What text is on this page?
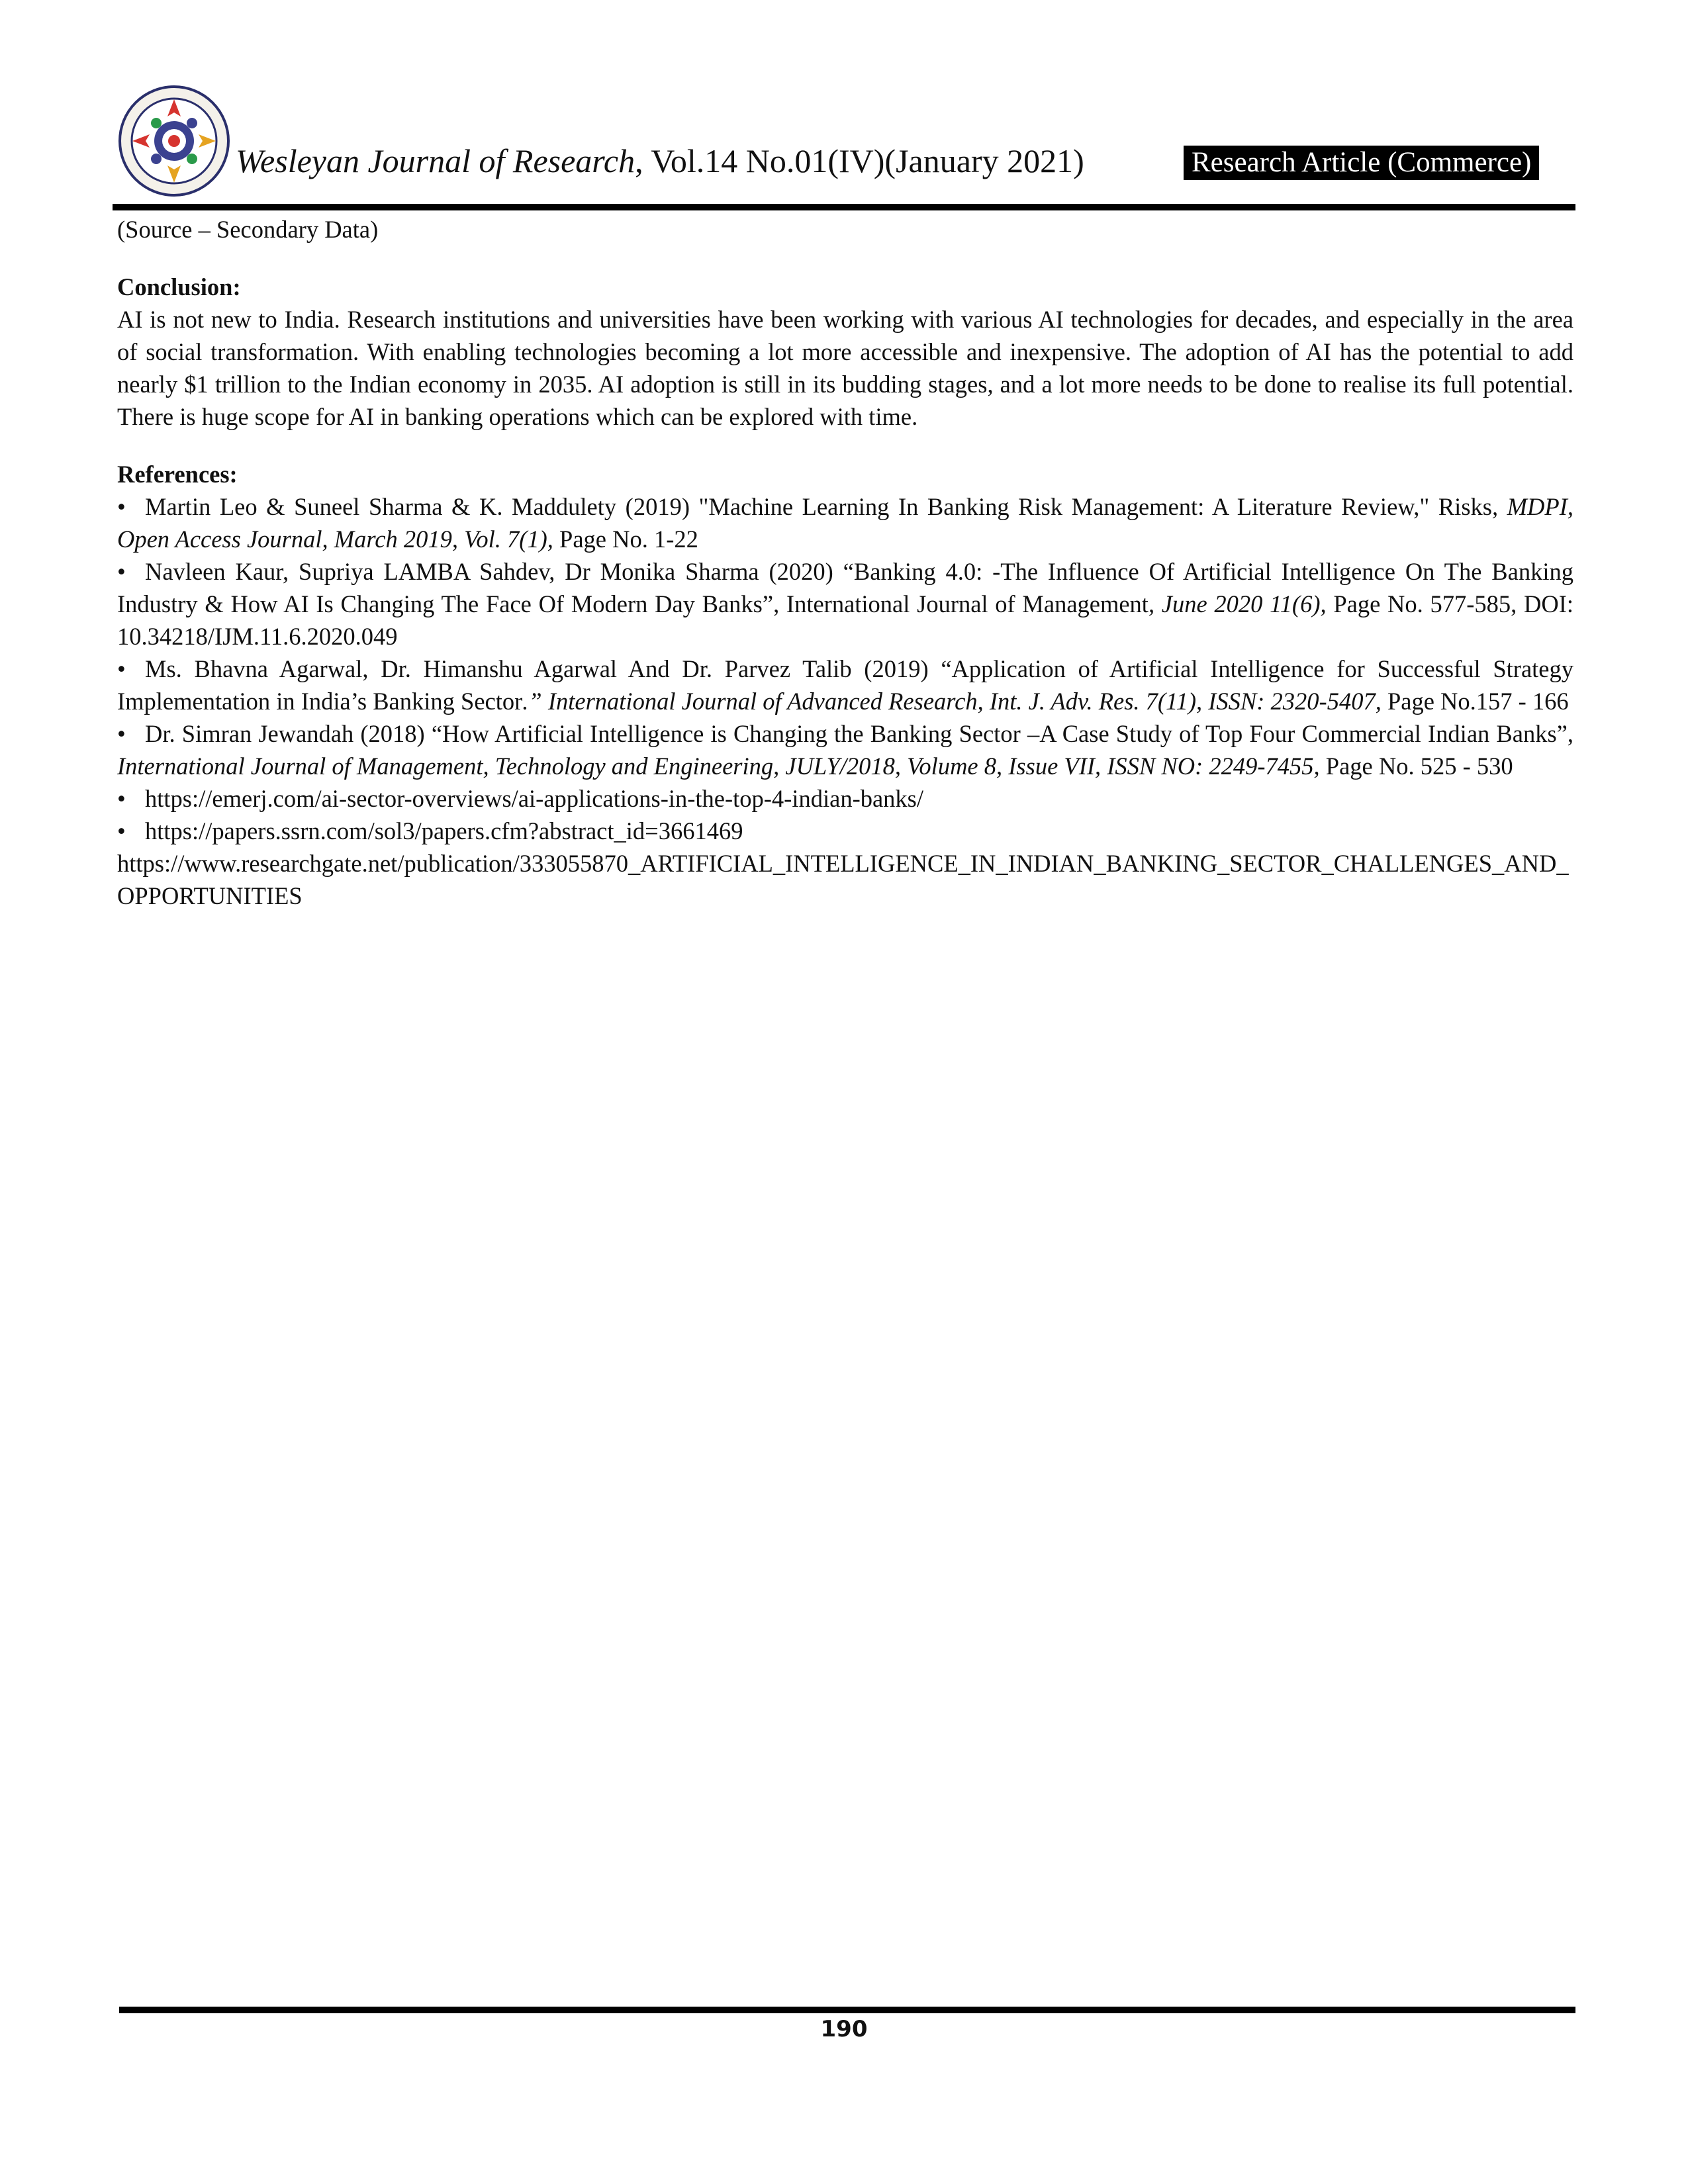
Wesleyan Journal of Research, Vol.14 No.01(IV)(January 2021)	Research Article (Commerce)

(Source – Secondary Data)

Conclusion:

AI is not new to India. Research institutions and universities have been working with various AI technologies for decades, and especially in the area of social transformation. With enabling technologies becoming a lot more accessible and inexpensive. The adoption of AI has the potential to add nearly $1 trillion to the Indian economy in 2035. AI adoption is still in its budding stages, and a lot more needs to be done to realise its full potential. There is huge scope for AI in banking operations which can be explored with time.

References:

• Martin Leo & Suneel Sharma & K. Maddulety (2019) "Machine Learning In Banking Risk Management: A Literature Review," Risks, MDPI, Open Access Journal, March 2019, Vol. 7(1), Page No. 1-22
• Navleen Kaur, Supriya LAMBA Sahdev, Dr Monika Sharma (2020) “Banking 4.0: -The Influence Of Artificial Intelligence On The Banking Industry & How AI Is Changing The Face Of Modern Day Banks”, International Journal of Management, June 2020 11(6), Page No. 577-585, DOI: 10.34218/IJM.11.6.2020.049
• Ms. Bhavna Agarwal, Dr. Himanshu Agarwal And Dr. Parvez Talib (2019) “Application of Artificial Intelligence for Successful Strategy Implementation in India’s Banking Sector.” International Journal of Advanced Research, Int. J. Adv. Res. 7(11), ISSN: 2320-5407, Page No.157 - 166
• Dr. Simran Jewandah (2018) “How Artificial Intelligence is Changing the Banking Sector –A Case Study of Top Four Commercial Indian Banks”, International Journal of Management, Technology and Engineering, JULY/2018, Volume 8, Issue VII, ISSN NO: 2249-7455, Page No. 525 - 530
• https://emerj.com/ai-sector-overviews/ai-applications-in-the-top-4-indian-banks/
• https://papers.ssrn.com/sol3/papers.cfm?abstract_id=3661469

https://www.researchgate.net/publication/333055870_ARTIFICIAL_INTELLIGENCE_IN_INDIAN_BANKING_SECTOR_CHALLENGES_AND_OPPORTUNITIES

190
